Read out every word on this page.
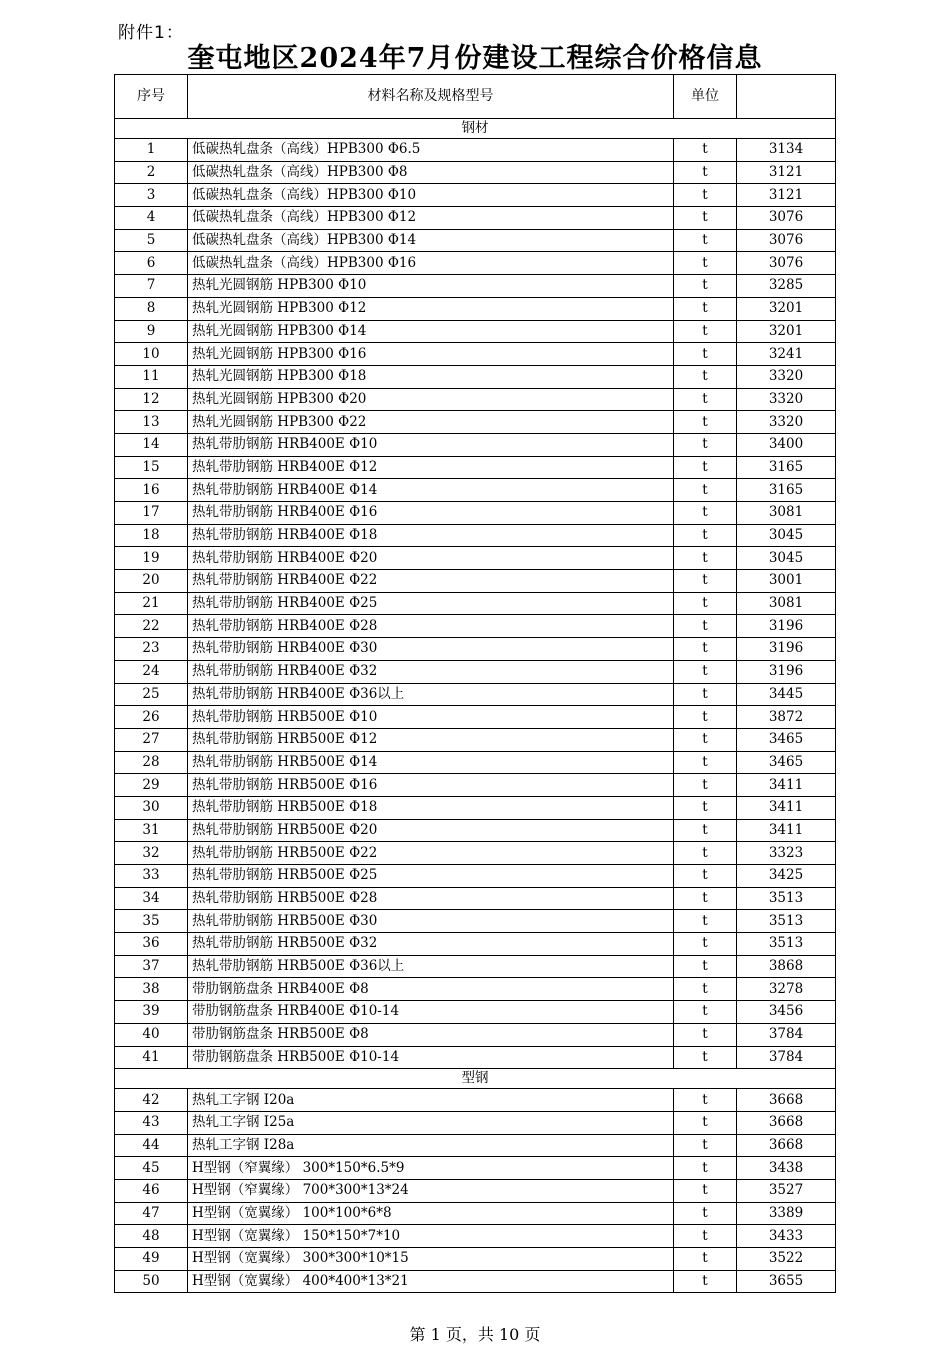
附件1：
奎屯地区2024年7月份建设工程综合价格信息
序号	材料名称及规格型号	单位	
钢材			
1	低碳热轧盘条（高线）HPB300 Φ6.5	t	3134
2	低碳热轧盘条（高线）HPB300 Φ8	t	3121
3	低碳热轧盘条（高线）HPB300 Φ10	t	3121
4	低碳热轧盘条（高线）HPB300 Φ12	t	3076
5	低碳热轧盘条（高线）HPB300 Φ14	t	3076
6	低碳热轧盘条（高线）HPB300 Φ16	t	3076
7	热轧光圆钢筋 HPB300 Φ10	t	3285
8	热轧光圆钢筋 HPB300 Φ12	t	3201
9	热轧光圆钢筋 HPB300 Φ14	t	3201
10	热轧光圆钢筋 HPB300 Φ16	t	3241
11	热轧光圆钢筋 HPB300 Φ18	t	3320
12	热轧光圆钢筋 HPB300 Φ20	t	3320
13	热轧光圆钢筋 HPB300 Φ22	t	3320
14	热轧带肋钢筋 HRB400E Φ10	t	3400
15	热轧带肋钢筋 HRB400E Φ12	t	3165
16	热轧带肋钢筋 HRB400E Φ14	t	3165
17	热轧带肋钢筋 HRB400E Φ16	t	3081
18	热轧带肋钢筋 HRB400E Φ18	t	3045
19	热轧带肋钢筋 HRB400E Φ20	t	3045
20	热轧带肋钢筋 HRB400E Φ22	t	3001
21	热轧带肋钢筋 HRB400E Φ25	t	3081
22	热轧带肋钢筋 HRB400E Φ28	t	3196
23	热轧带肋钢筋 HRB400E Φ30	t	3196
24	热轧带肋钢筋 HRB400E Φ32	t	3196
25	热轧带肋钢筋 HRB400E Φ36以上	t	3445
26	热轧带肋钢筋 HRB500E Φ10	t	3872
27	热轧带肋钢筋 HRB500E Φ12	t	3465
28	热轧带肋钢筋 HRB500E Φ14	t	3465
29	热轧带肋钢筋 HRB500E Φ16	t	3411
30	热轧带肋钢筋 HRB500E Φ18	t	3411
31	热轧带肋钢筋 HRB500E Φ20	t	3411
32	热轧带肋钢筋 HRB500E Φ22	t	3323
33	热轧带肋钢筋 HRB500E Φ25	t	3425
34	热轧带肋钢筋 HRB500E Φ28	t	3513
35	热轧带肋钢筋 HRB500E Φ30	t	3513
36	热轧带肋钢筋 HRB500E Φ32	t	3513
37	热轧带肋钢筋 HRB500E Φ36以上	t	3868
38	带肋钢筋盘条 HRB400E Φ8	t	3278
39	带肋钢筋盘条 HRB400E Φ10-14	t	3456
40	带肋钢筋盘条 HRB500E Φ8	t	3784
41	带肋钢筋盘条 HRB500E Φ10-14	t	3784
型钢			
42	热轧工字钢 I20a	t	3668
43	热轧工字钢 I25a	t	3668
44	热轧工字钢 I28a	t	3668
45	H型钢（窄翼缘） 300*150*6.5*9	t	3438
46	H型钢（窄翼缘） 700*300*13*24	t	3527
47	H型钢（宽翼缘） 100*100*6*8	t	3389
48	H型钢（宽翼缘） 150*150*7*10	t	3433
49	H型钢（宽翼缘） 300*300*10*15	t	3522
50	H型钢（宽翼缘） 400*400*13*21	t	3655
第 1 页，共 10 页
